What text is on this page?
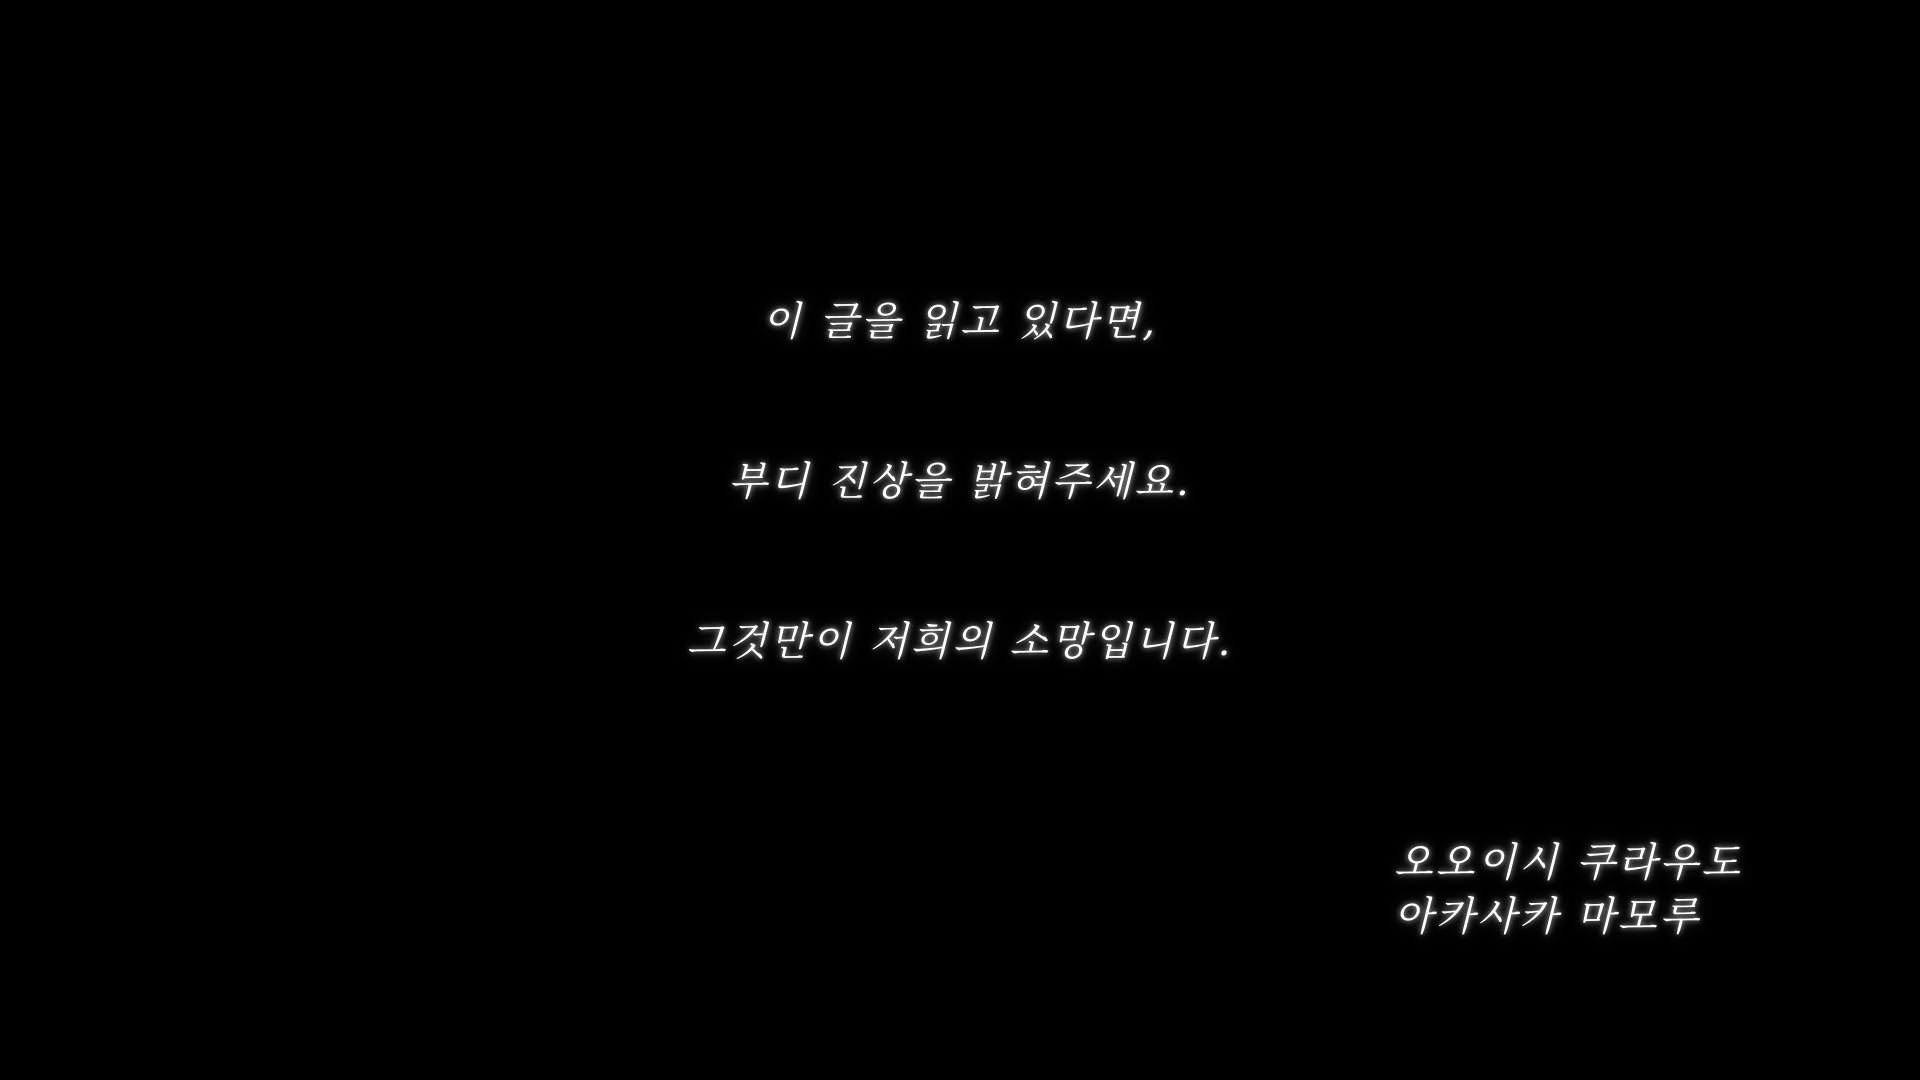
이 글을 읽고 있다면,
부디 진상을 밝혀주세요.
그것만이 저희의 소망입니다.
오오이시 쿠라우도
아카사카 마모루
